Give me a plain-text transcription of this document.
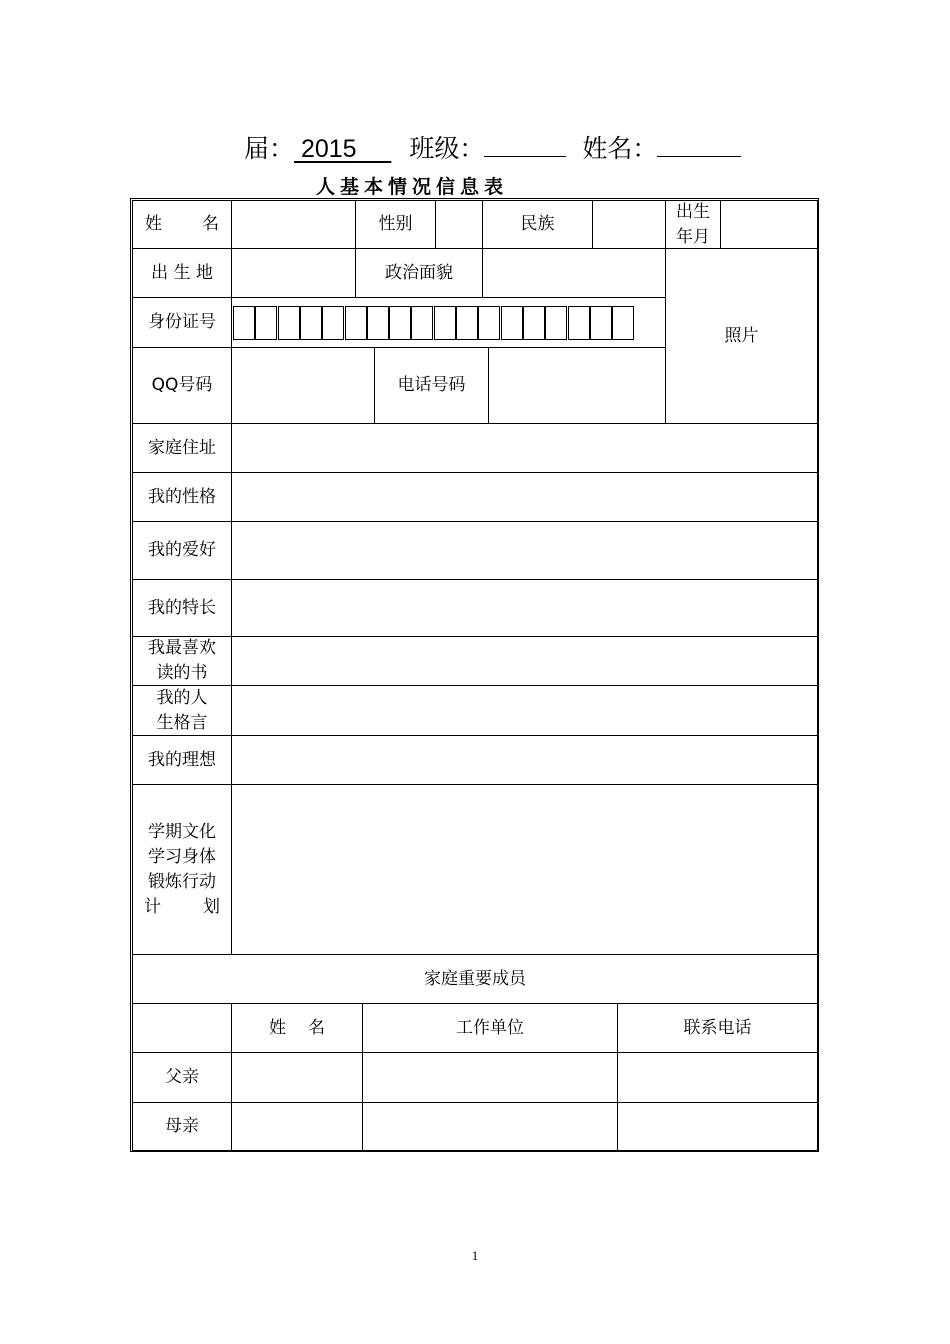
届： 2015	班级：	姓名：
人基本情况信息表
姓 名	性别	民族
出生
年月
出 生 地	政治面貌
照片
身份证号
QQ号码	电话号码
家庭住址
我的性格
我的爱好
我的特长
我最喜欢
读的书
我的人
生格言
我的理想
学期文化
学习身体
锻炼行动
计 划
家庭重要成员
姓 名	工作单位	联系电话
父亲
母亲
1
